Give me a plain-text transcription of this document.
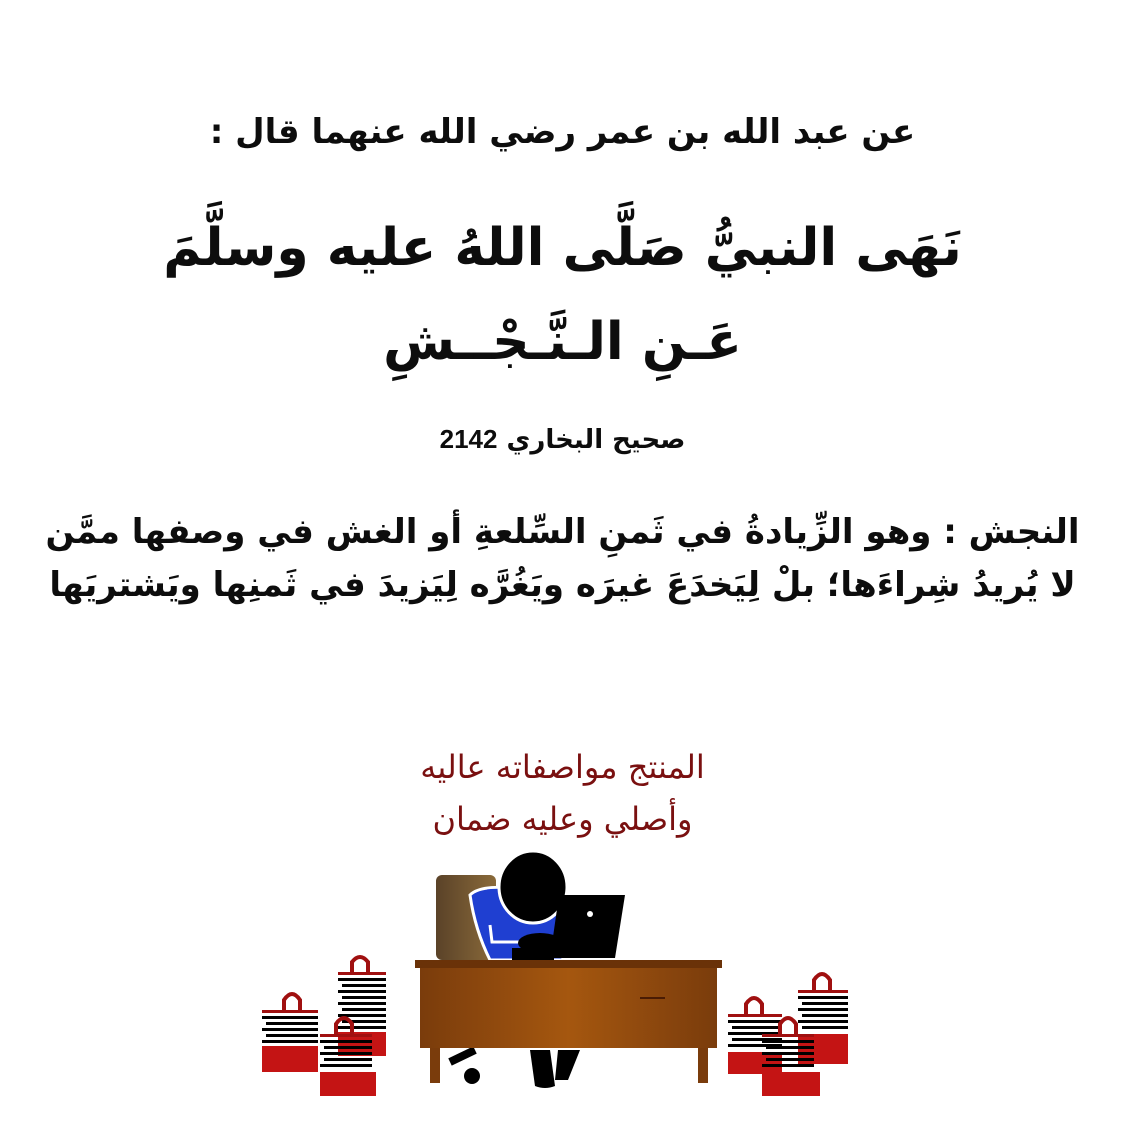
عن عبد الله بن عمر رضي الله عنهما قال :
نَهَى النبيُّ صَلَّى اللهُ عليه وسلَّمَ
عَـنِ الـنَّـجْــشِ
صحيح البخاري 2142
النجش : وهو الزِّيادةُ في ثَمنِ السِّلعةِ أو الغش في وصفها ممَّن
لا يُريدُ شِراءَها؛ بلْ لِيَخدَعَ غيرَه ويَغُرَّه لِيَزيدَ في ثَمنِها ويَشتريَها
المنتج مواصفاته عاليه
وأصلي وعليه ضمان
